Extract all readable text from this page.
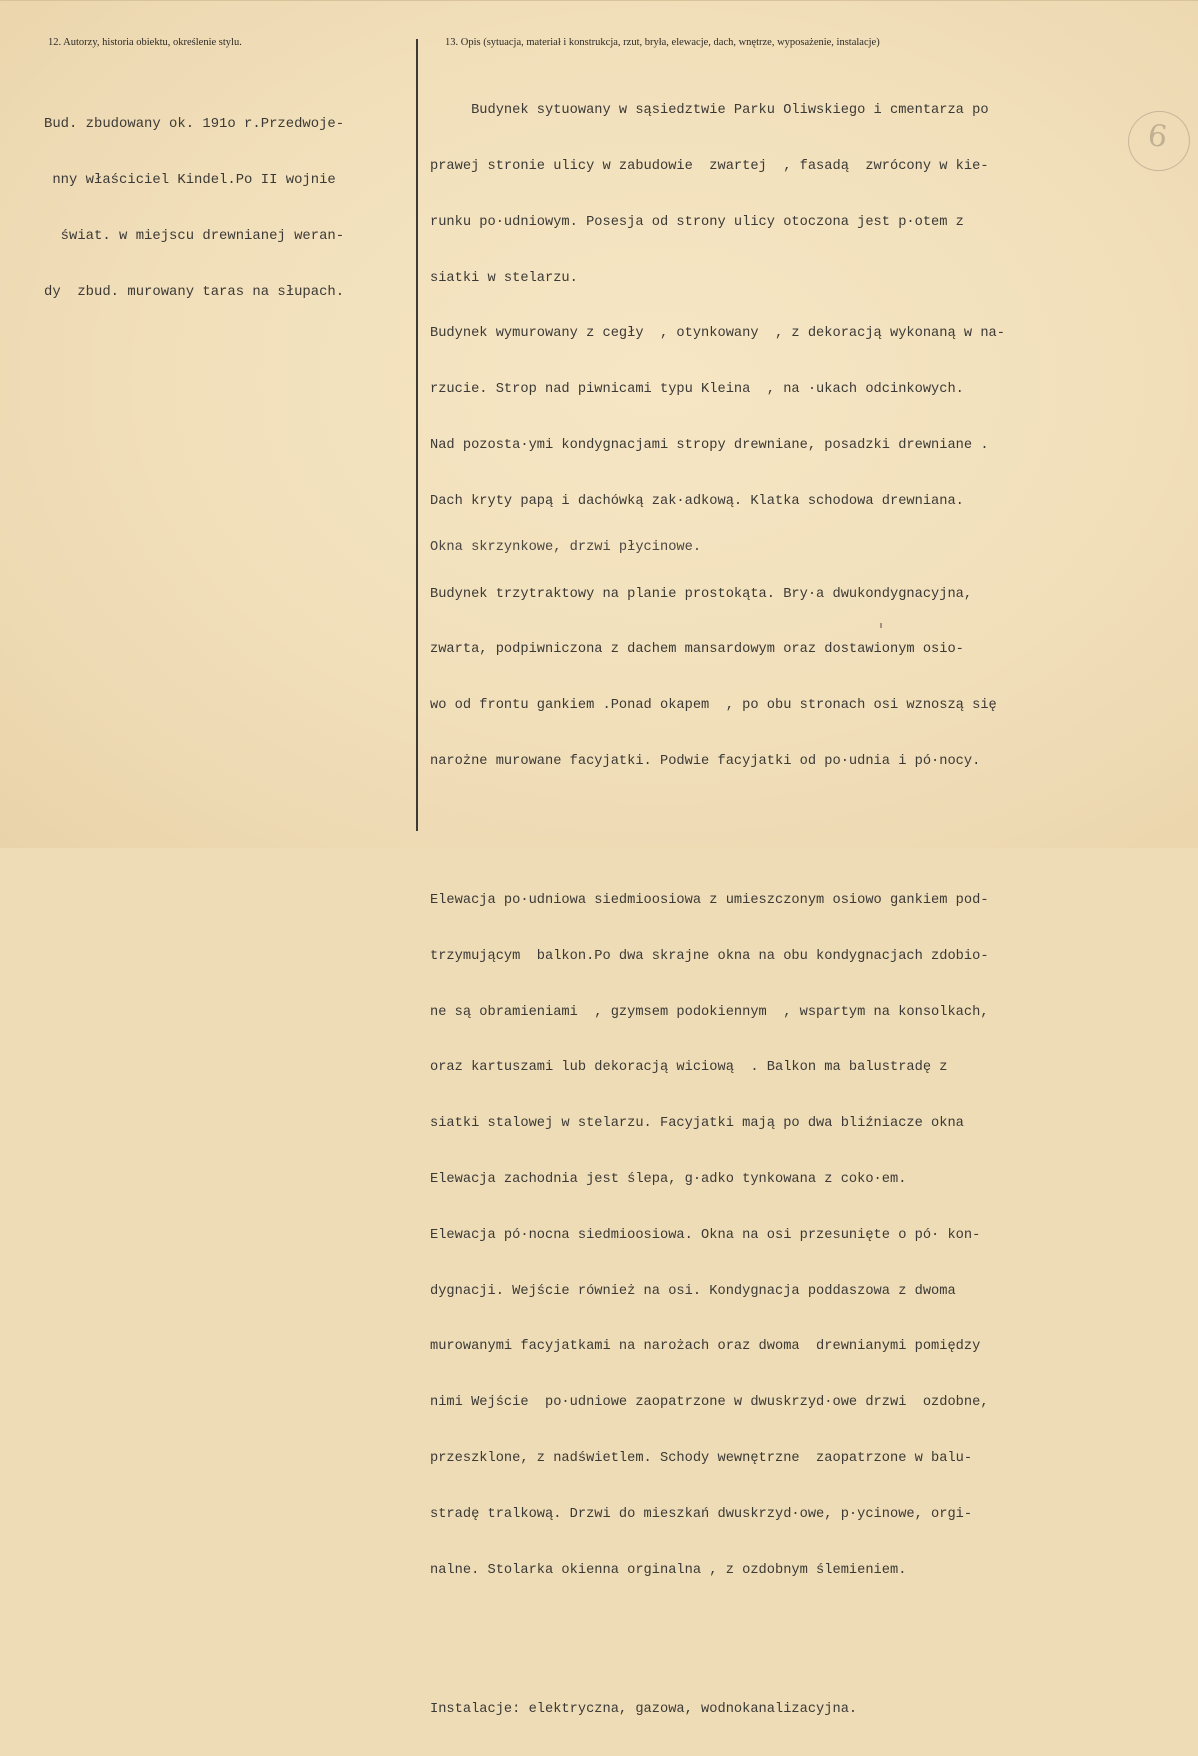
12. Autorzy, historia obiektu, określenie stylu.	13. Opis (sytuacja, materiał i konstrukcja, rzut, bryła, elewacje, dach, wnętrze, wyposażenie, instalacje)

Bud. zbudowany ok. 191o r.Przedwoje-

nny właściciel Kindel.Po II wojnie

świat. w miejscu drewnianej weran-

dy  zbud. murowany taras na słupach.

Budynek sytuowany w sąsiedztwie Parku Oliwskiego i cmentarza po

prawej stronie ulicy w zabudowie  zwartej  , fasadą  zwrócony w kie-

runku po·udniowym. Posesja od strony ulicy otoczona jest p·otem z

siatki w stelarzu.

Budynek wymurowany z cegły  , otynkowany  , z dekoracją wykonaną w na-

rzucie. Strop nad piwnicami typu Kleina  , na ·ukach odcinkowych.

Nad pozosta·ymi kondygnacjami stropy drewniane, posadzki drewniane .

Dach kryty papą i dachówką zak·adkową. Klatka schodowa drewniana.

Okna skrzynkowe, drzwi płycinowe.

Budynek trzytraktowy na planie prostokąta. Bry·a dwukondygnacyjna,

zwarta, podpiwniczona z dachem mansardowym oraz dostawionym osio-

wo od frontu gankiem .Ponad okapem  , po obu stronach osi wznoszą się

narożne murowane facyjatki. Podwie facyjatki od po·udnia i pó·nocy.

Elewacja po·udniowa siedmioosiowa z umieszczonym osiowo gankiem pod-

trzymującym  balkon.Po dwa skrajne okna na obu kondygnacjach zdobio-

ne są obramieniami  , gzymsem podokiennym  , wspartym na konsolkach,

oraz kartuszami lub dekoracją wiciową  . Balkon ma balustradę z

siatki stalowej w stelarzu. Facyjatki mają po dwa bliźniacze okna

Elewacja zachodnia jest ślepa, g·adko tynkowana z coko·em.

Elewacja pó·nocna siedmioosiowa. Okna na osi przesunięte o pó· kon-

dygnacji. Wejście również na osi. Kondygnacja poddaszowa z dwoma

murowanymi facyjatkami na narożach oraz dwoma  drewnianymi pomiędzy

nimi Wejście  po·udniowe zaopatrzone w dwuskrzyd·owe drzwi  ozdobne,

przeszklone, z nadświetlem. Schody wewnętrzne  zaopatrzone w balu-

stradę tralkową. Drzwi do mieszkań dwuskrzyd·owe, p·ycinowe, orgi-

nalne. Stolarka okienna orginalna , z ozdobnym ślemieniem.

Instalacje: elektryczna, gazowa, wodnokanalizacyjna.

6
